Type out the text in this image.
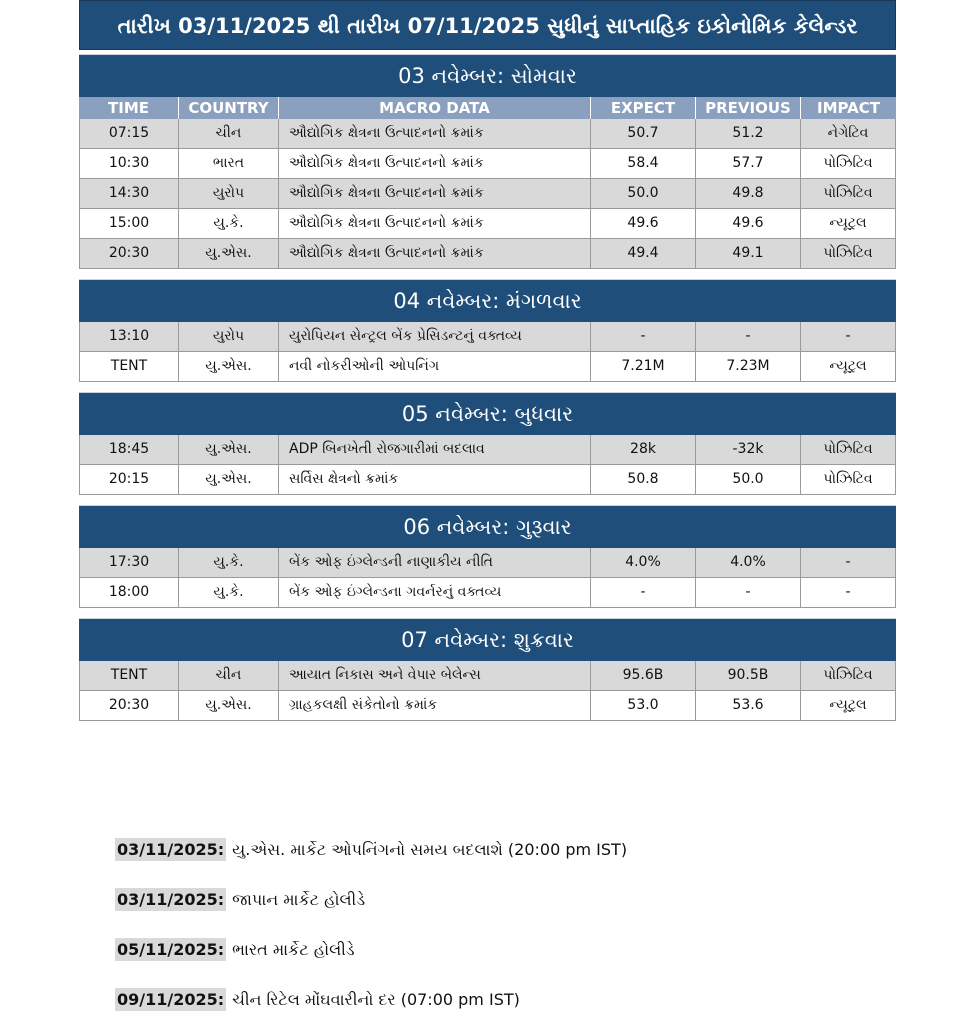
તારીખ 03/11/2025 થી તારીખ 07/11/2025 સુધીનું સાપ્તાહિક ઇકોનોમિક કેલેન્ડર
03 નવેમ્બર: સોમવાર
TIME	COUNTRY	MACRO DATA	EXPECT	PREVIOUS	IMPACT
07:15	ચીન	ઔદ્યોગિક ક્ષેત્રના ઉત્પાદનનો ક્રમાંક	50.7	51.2	નેગેટિવ
10:30	ભારત	ઔદ્યોગિક ક્ષેત્રના ઉત્પાદનનો ક્રમાંક	58.4	57.7	પોઝિટિવ
14:30	યુરોપ	ઔદ્યોગિક ક્ષેત્રના ઉત્પાદનનો ક્રમાંક	50.0	49.8	પોઝિટિવ
15:00	યુ.કે.	ઔદ્યોગિક ક્ષેત્રના ઉત્પાદનનો ક્રમાંક	49.6	49.6	ન્યૂટ્રલ
20:30	યુ.એસ.	ઔદ્યોગિક ક્ષેત્રના ઉત્પાદનનો ક્રમાંક	49.4	49.1	પોઝિટિવ
04 નવેમ્બર: મંગળવાર
13:10	યુરોપ	યુરોપિયન સેન્ટ્રલ બેંક પ્રેસિડન્ટનું વક્તવ્ય	-	-	-
TENT	યુ.એસ.	નવી નોકરીઓની ઓપનિંગ	7.21M	7.23M	ન્યૂટ્રલ
05 નવેમ્બર: બુધવાર
18:45	યુ.એસ.	ADP બિનખેતી રોજગારીમાં બદલાવ	28k	-32k	પોઝિટિવ
20:15	યુ.એસ.	સર્વિસ ક્ષેત્રનો ક્રમાંક	50.8	50.0	પોઝિટિવ
06 નવેમ્બર: ગુરૂવાર
17:30	યુ.કે.	બેંક ઓફ ઇંગ્લેન્ડની નાણાકીય નીતિ	4.0%	4.0%	-
18:00	યુ.કે.	બેંક ઓફ ઇંગ્લેન્ડના ગવર્નરનું વક્તવ્ય	-	-	-
07 નવેમ્બર: શુક્રવાર
TENT	ચીન	આયાત નિકાસ અને વેપાર બેલેન્સ	95.6B	90.5B	પોઝિટિવ
20:30	યુ.એસ.	ગ્રાહકલક્ષી સંકેતોનો ક્રમાંક	53.0	53.6	ન્યૂટ્રલ
03/11/2025: યુ.એસ. માર્કેટ ઓપનિંગનો સમય બદલાશે (20:00 pm IST)
03/11/2025: જાપાન માર્કેટ હોલીડે
05/11/2025: ભારત માર્કેટ હોલીડે
09/11/2025: ચીન રિટેલ મોંઘવારીનો દર (07:00 pm IST)
